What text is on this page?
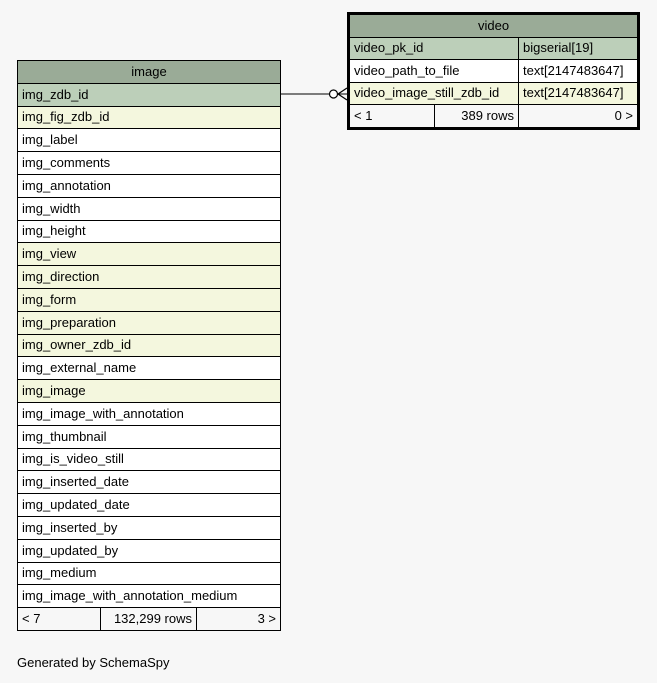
image
img_zdb_id
img_fig_zdb_id
img_label
img_comments
img_annotation
img_width
img_height
img_view
img_direction
img_form
img_preparation
img_owner_zdb_id
img_external_name
img_image
img_image_with_annotation
img_thumbnail
img_is_video_still
img_inserted_date
img_updated_date
img_inserted_by
img_updated_by
img_medium
img_image_with_annotation_medium
< 7	132,299 rows	3 >
video		
video_pk_id		bigserial[19]
video_path_to_file		text[2147483647]
video_image_still_zdb_id		text[2147483647]
< 1	389 rows	0 >
Generated by SchemaSpy
